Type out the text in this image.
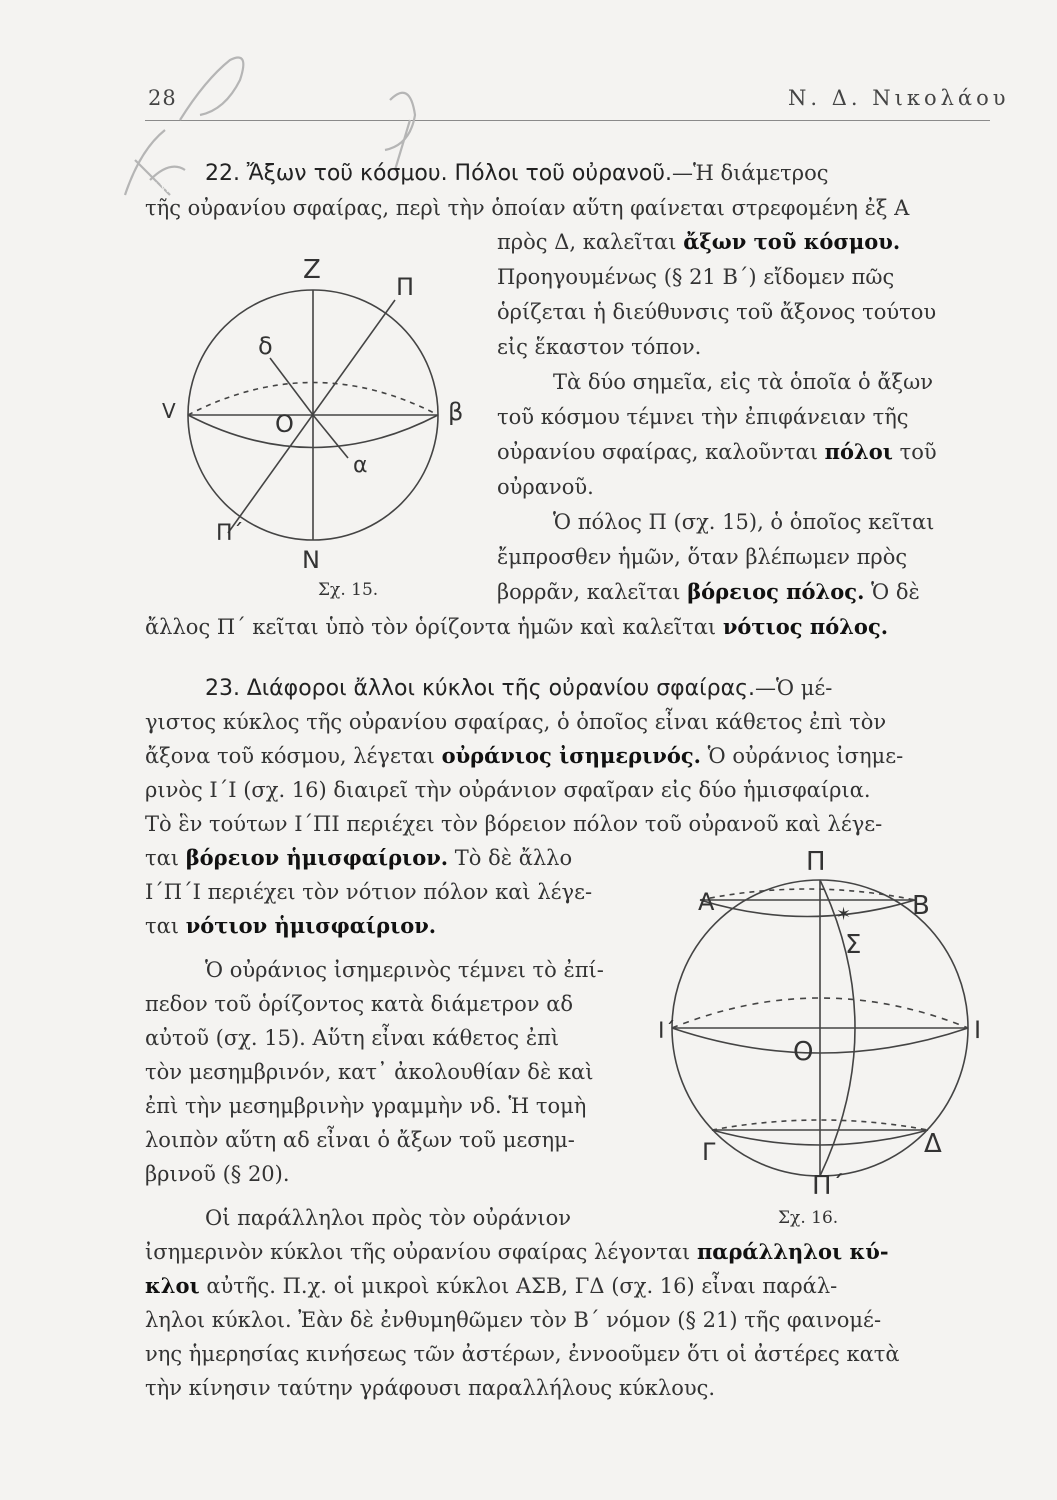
28	Ν. Δ. Νικολάου
Χ γρ.
9.
22. Ἄξων τοῦ κόσμου. Πόλοι τοῦ οὐρανοῦ.—Ἡ διάμετρος
τῆς οὐρανίου σφαίρας, περὶ τὴν ὁποίαν αὕτη φαίνεται στρεφομένη ἐξ Α
πρὸς Δ, καλεῖται ἄξων τοῦ κόσμου.
Προηγουμένως (§ 21 Β΄) εἴδομεν πῶς
ὁρίζεται ἡ διεύθυνσις τοῦ ἄξονος τούτου
εἰς ἕκαστον τόπον.
Τὰ δύο σημεῖα, εἰς τὰ ὁποῖα ὁ ἄξων
τοῦ κόσμου τέμνει τὴν ἐπιφάνειαν τῆς
οὐρανίου σφαίρας, καλοῦνται πόλοι τοῦ
οὐρανοῦ.
Ὁ πόλος Π (σχ. 15), ὁ ὁποῖος κεῖται
ἔμπροσθεν ἡμῶν, ὅταν βλέπωμεν πρὸς
βορρᾶν, καλεῖται βόρειος πόλος. Ὁ δὲ
ἄλλος Π΄ κεῖται ὑπὸ τὸν ὁρίζοντα ἡμῶν καὶ καλεῖται νότιος πόλος.
Z
Π
δ
V	O	β
α
Π΄
N
Σχ. 15.
23. Διάφοροι ἄλλοι κύκλοι τῆς οὐρανίου σφαίρας.—Ὁ μέ-
γιστος κύκλος τῆς οὐρανίου σφαίρας, ὁ ὁποῖος εἶναι κάθετος ἐπὶ τὸν
ἄξονα τοῦ κόσμου, λέγεται οὐράνιος ἰσημερινός. Ὁ οὐράνιος ἰσημε-
ρινὸς Ι΄Ι (σχ. 16) διαιρεῖ τὴν οὐράνιον σφαῖραν εἰς δύο ἡμισφαίρια.
Τὸ ἓν τούτων Ι΄ΠΙ περιέχει τὸν βόρειον πόλον τοῦ οὐρανοῦ καὶ λέγε-
ται βόρειον ἡμισφαίριον. Τὸ δὲ ἄλλο
Ι΄Π΄Ι περιέχει τὸν νότιον πόλον καὶ λέγε-
ται νότιον ἡμισφαίριον.
Ὁ οὐράνιος ἰσημερινὸς τέμνει τὸ ἐπί-
πεδον τοῦ ὁρίζοντος κατὰ διάμετρον αδ
αὐτοῦ (σχ. 15). Αὕτη εἶναι κάθετος ἐπὶ
τὸν μεσημβρινόν, κατ᾿ ἀκολουθίαν δὲ καὶ
ἐπὶ τὴν μεσημβρινὴν γραμμὴν νδ. Ἡ τομὴ
λοιπὸν αὕτη αδ εἶναι ὁ ἄξων τοῦ μεσημ-
βρινοῦ (§ 20).
Οἱ παράλληλοι πρὸς τὸν οὐράνιον
ἰσημερινὸν κύκλοι τῆς οὐρανίου σφαίρας λέγονται παράλληλοι κύ-
κλοι αὐτῆς. Π.χ. οἱ μικροὶ κύκλοι ΑΣΒ, ΓΔ (σχ. 16) εἶναι παράλ-
ληλοι κύκλοι. Ἐὰν δὲ ἐνθυμηθῶμεν τὸν Β΄ νόμον (§ 21) τῆς φαινομέ-
νης ἡμερησίας κινήσεως τῶν ἀστέρων, ἐννοοῦμεν ὅτι οἱ ἀστέρες κατὰ
τὴν κίνησιν ταύτην γράφουσι παραλλήλους κύκλους.
Π
Α	Β
✶
Σ
Ι΄
Ο
Ι
Γ	Δ
Π΄
Σχ. 16.
